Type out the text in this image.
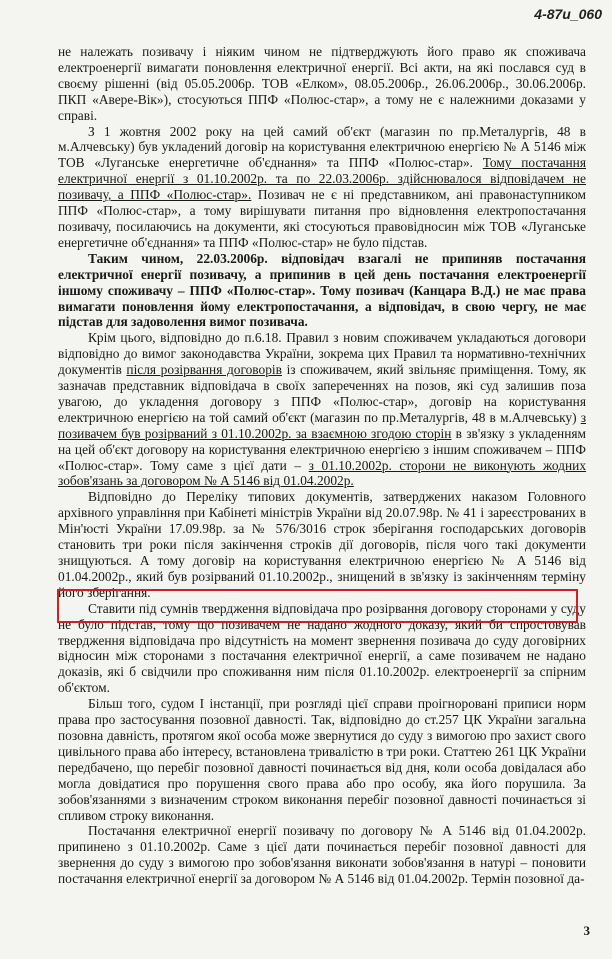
4-87u_060

не належать позивачу і ніяким чином не підтверджують його право як споживача електроенергії вимагати поновлення електричної енергії. Всі акти, на які послався суд в своєму рішенні (від 05.05.2006р. ТОВ «Елком», 08.05.2006р., 26.06.2006р., 30.06.2006р. ПКП «Авере-Вік»), стосуються ППФ «Полюс-стар», а тому не є належними доказами у справі.

З 1 жовтня 2002 року на цей самий об'єкт (магазин по пр.Металургів, 48 в м.Алчевську) був укладений договір на користування електричною енергією № А 5146 між ТОВ «Луганське енергетичне об'єднання» та ППФ «Полюс-стар». Тому постачання електричної енергії з 01.10.2002р. та по 22.03.2006р. здійснювалося відповідачем не позивачу, а ППФ «Полюс-стар». Позивач не є ні представником, ані правонаступником ППФ «Полюс-стар», а тому вирішувати питання про відновлення електропостачання позивачу, посилаючись на документи, які стосуються правовідносин між ТОВ «Луганське енергетичне об'єднання» та ППФ «Полюс-стар» не було підстав.

Таким чином, 22.03.2006р. відповідач взагалі не припиняв постачання електричної енергії позивачу, а припинив в цей день постачання електроенергії іншому споживачу – ППФ «Полюс-стар». Тому позивач (Канцара В.Д.) не має права вимагати поновлення йому електропостачання, а відповідач, в свою чергу, не має підстав для задоволення вимог позивача.

Крім цього, відповідно до п.6.18. Правил з новим споживачем укладаються договори відповідно до вимог законодавства України, зокрема цих Правил та нормативно-технічних документів після розірвання договорів із споживачем, який звільняє приміщення. Тому, як зазначав представник відповідача в своїх запереченнях на позов, які суд залишив поза увагою, до укладення договору з ППФ «Полюс-стар», договір на користування електричною енергією на той самий об'єкт (магазин по пр.Металургів, 48 в м.Алчевську) з позивачем був розірваний з 01.10.2002р. за взаємною згодою сторін в зв'язку з укладенням на цей об'єкт договору на користування електричною енергією з іншим споживачем – ППФ «Полюс-стар». Тому саме з цієї дати – з 01.10.2002р. сторони не виконують жодних зобов'язань за договором № А 5146 від 01.04.2002р.

Відповідно до Переліку типових документів, затверджених наказом Головного архівного управління при Кабінеті міністрів України від 20.07.98р. № 41 і зареєстрованих в Мін'юсті України 17.09.98р. за № 576/3016 строк зберігання господарських договорів становить три роки після закінчення строків дії договорів, після чого такі документи знищуються. А тому договір на користування електричною енергією № А 5146 від 01.04.2002р., який був розірваний 01.10.2002р., знищений в зв'язку із закінченням терміну його зберігання.

Ставити під сумнів твердження відповідача про розірвання договору сторонами у суду не було підстав, тому що позивачем не надано жодного доказу, який би спростовував твердження відповідача про відсутність на момент звернення позивача до суду договірних відносин між сторонами з постачання електричної енергії, а саме позивачем не надано доказів, які б свідчили про споживання ним після 01.10.2002р. електроенергії за спірним об'єктом.

Більш того, судом І інстанції, при розгляді цієї справи проігноровані приписи норм права про застосування позовної давності. Так, відповідно до ст.257 ЦК України загальна позовна давність, протягом якої особа може звернутися до суду з вимогою про захист свого цивільного права або інтересу, встановлена тривалістю в три роки. Статтею 261 ЦК України передбачено, що перебіг позовної давності починається від дня, коли особа довідалася або могла довідатися про порушення свого права або про особу, яка його порушила. За зобов'язаннями з визначеним строком виконання перебіг позовної давності починається зі спливом строку виконання.

Постачання електричної енергії позивачу по договору № А 5146 від 01.04.2002р. припинено з 01.10.2002р. Саме з цієї дати починається перебіг позовної давності для звернення до суду з вимогою про зобов'язання виконати зобов'язання в натурі – поновити постачання електричної енергії за договором № А 5146 від 01.04.2002р. Термін позовної да-

3
